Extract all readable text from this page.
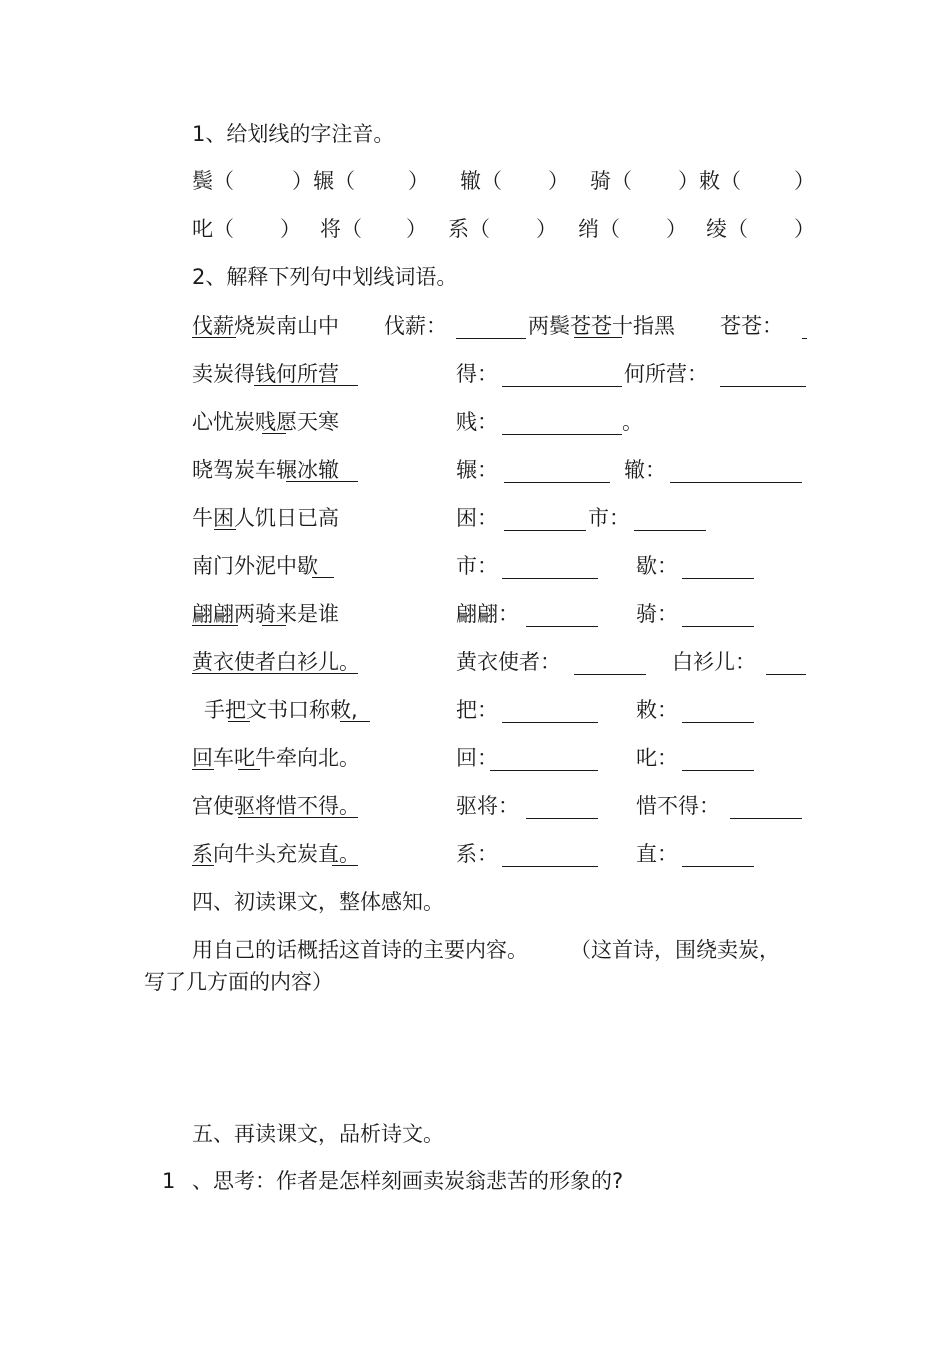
1、给划线的字注音。
鬓（	）辗（	） 辙（ ） 骑（ ）敕（	）
叱（ ） 将（ ） 系（ ） 绡（ ） 绫（ ）
2、解释下列句中划线词语。
伐薪烧炭南山中 伐薪：	两鬓苍苍十指黑 苍苍：
卖炭得钱何所营	得：	何所营：
心忧炭贱愿天寒	贱：	。
晓驾炭车辗冰辙	辗：	辙：
牛困人饥日已高	困：	市：
南门外泥中歇	市：	歇：
翩翩两骑来是谁	翩翩：	骑：
黄衣使者白衫儿。	黄衣使者：	白衫儿：
手把文书口称敕,	把：	敕：
回车叱牛牵向北。	回：	叱：
宫使驱将惜不得。	驱将：	惜不得：
系向牛头充炭直。	系：	直：
四、初读课文，整体感知。
用自己的话概括这首诗的主要内容。 （这首诗，围绕卖炭，
写了几方面的内容）
五、再读课文，品析诗文。
1 、思考：作者是怎样刻画卖炭翁悲苦的形象的?
